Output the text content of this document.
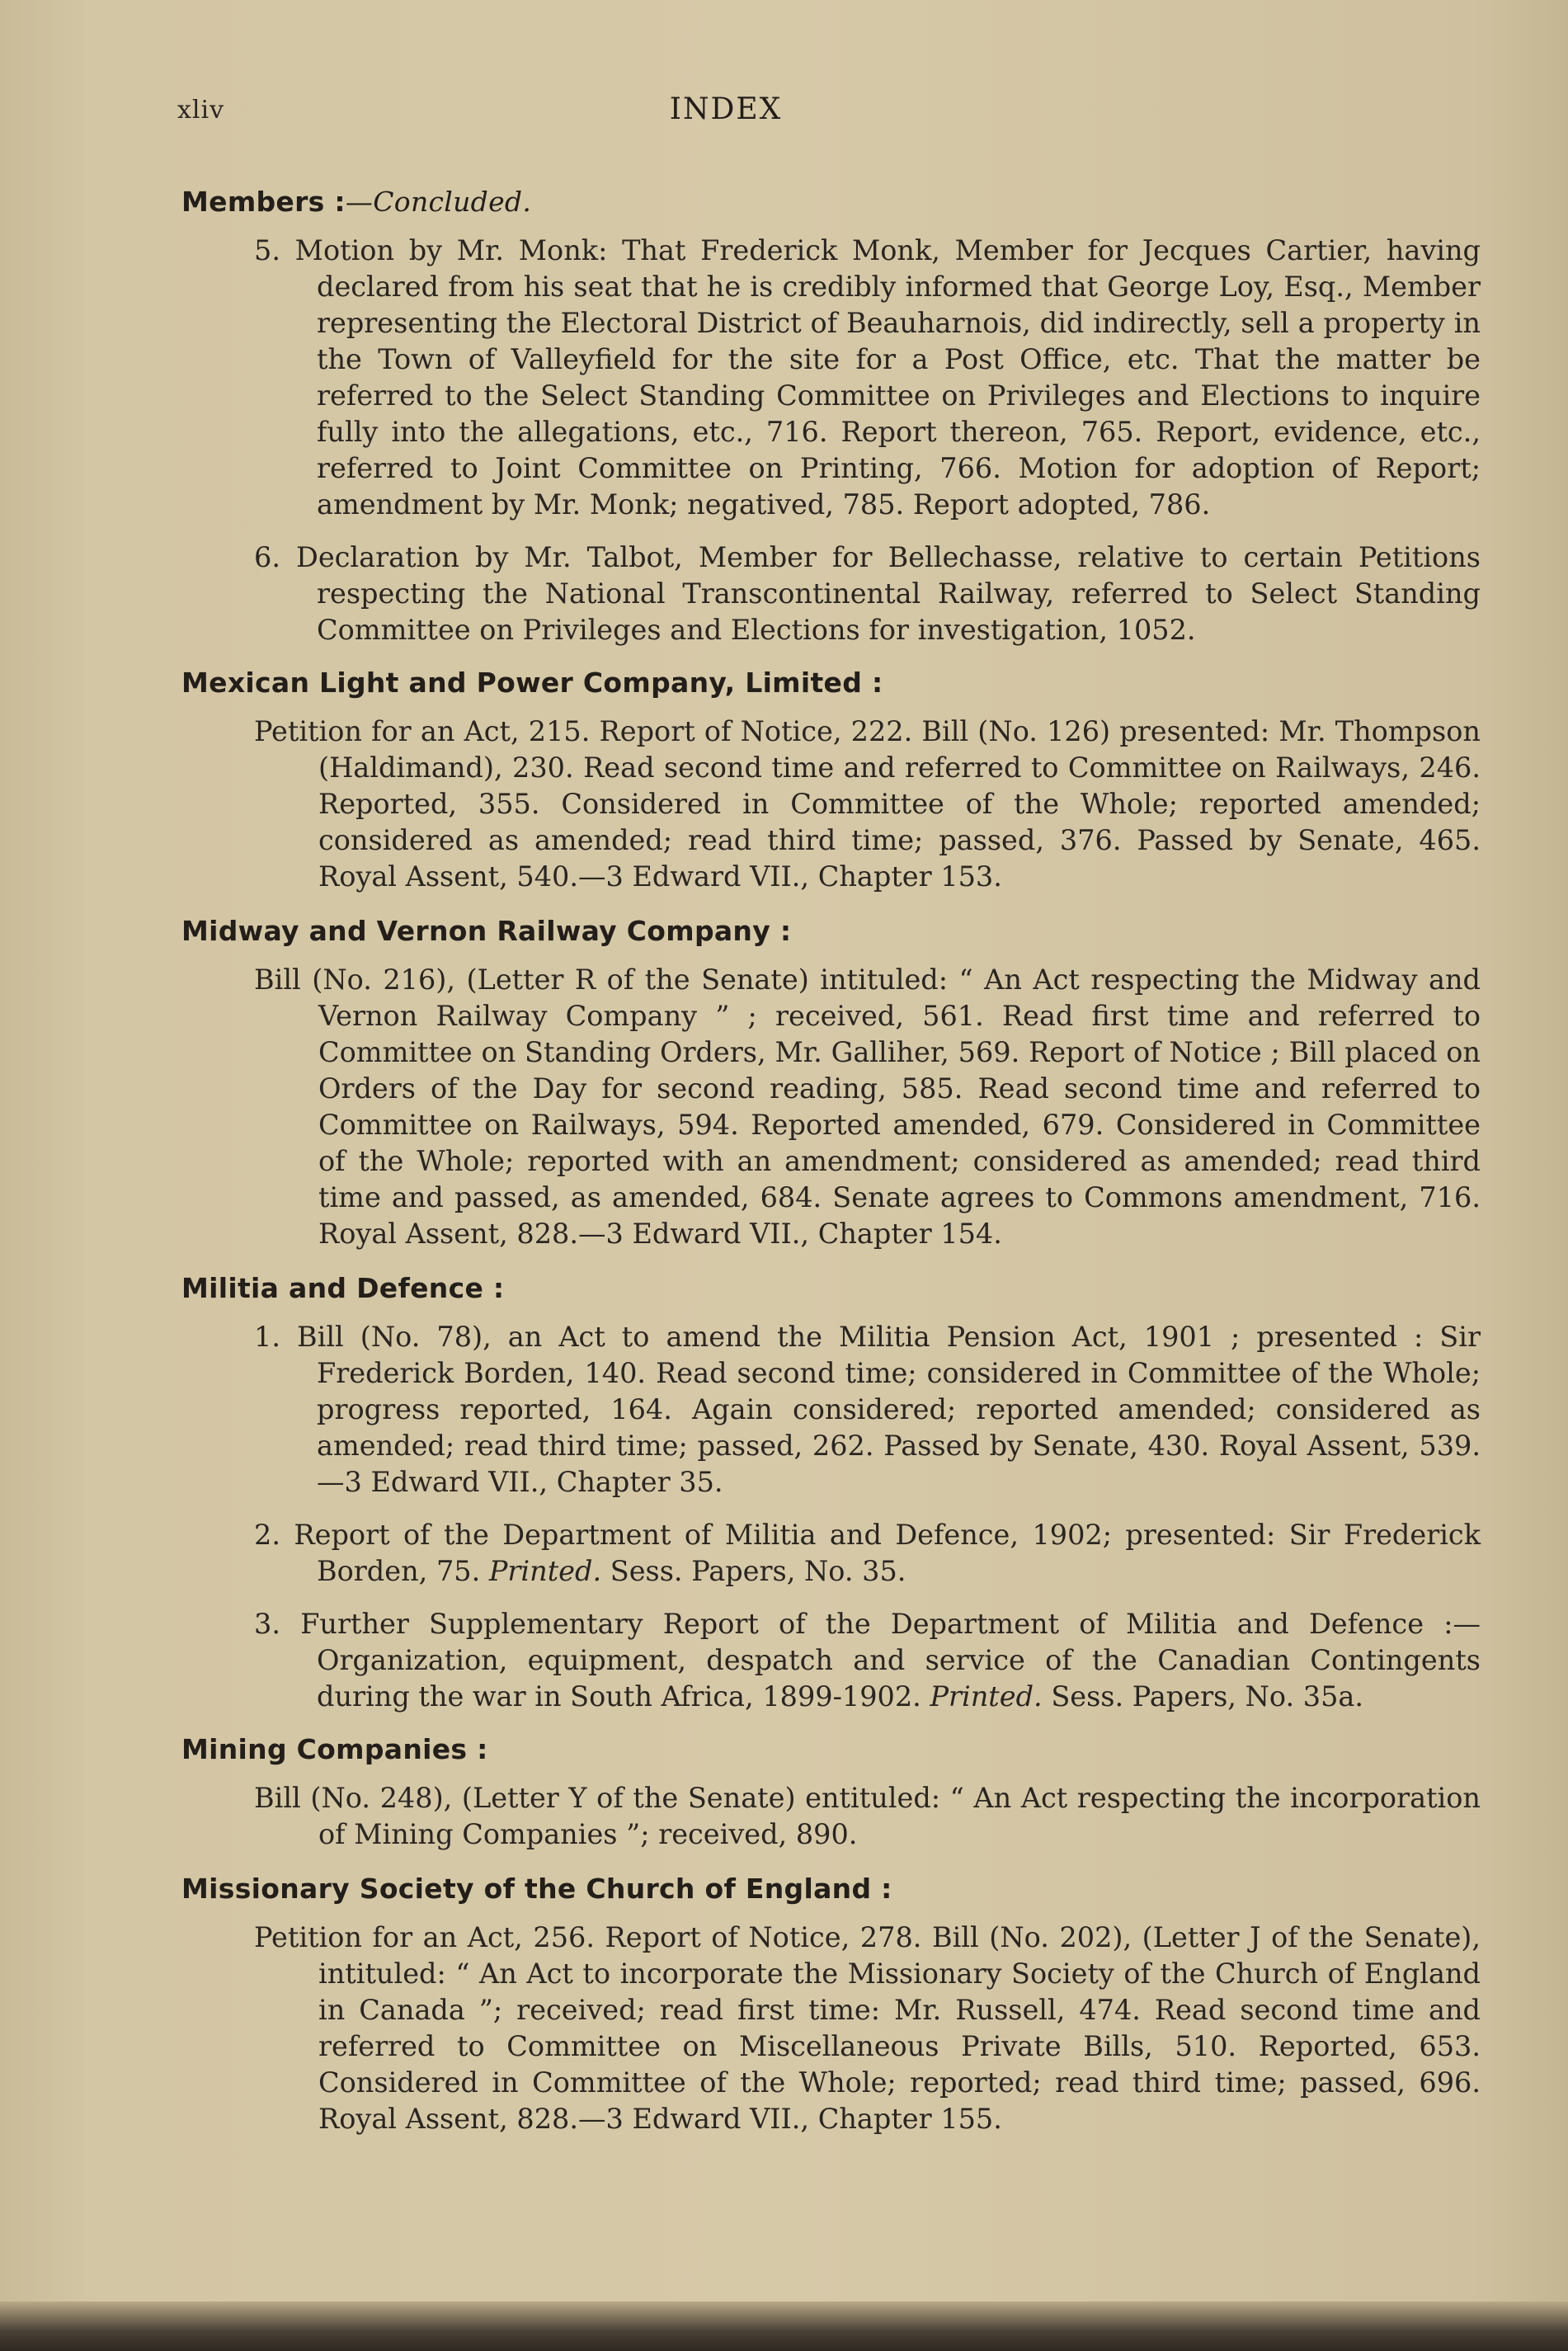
xliv	INDEX
Members :—Concluded.
5. Motion by Mr. Monk: That Frederick Monk, Member for Jecques Cartier, having declared from his seat that he is credibly informed that George Loy, Esq., Member representing the Electoral District of Beauharnois, did indirectly, sell a property in the Town of Valleyfield for the site for a Post Office, etc. That the matter be referred to the Select Standing Committee on Privileges and Elections to inquire fully into the allegations, etc., 716. Report thereon, 765. Report, evidence, etc., referred to Joint Committee on Printing, 766. Motion for adoption of Report; amendment by Mr. Monk; negatived, 785. Report adopted, 786.
6. Declaration by Mr. Talbot, Member for Bellechasse, relative to certain Petitions respecting the National Transcontinental Railway, referred to Select Standing Committee on Privileges and Elections for investigation, 1052.
Mexican Light and Power Company, Limited :
Petition for an Act, 215. Report of Notice, 222. Bill (No. 126) presented: Mr. Thompson (Haldimand), 230. Read second time and referred to Committee on Railways, 246. Reported, 355. Considered in Committee of the Whole; reported amended; considered as amended; read third time; passed, 376. Passed by Senate, 465. Royal Assent, 540.—3 Edward VII., Chapter 153.
Midway and Vernon Railway Company :
Bill (No. 216), (Letter R of the Senate) intituled: “ An Act respecting the Midway and Vernon Railway Company ” ; received, 561. Read first time and referred to Committee on Standing Orders, Mr. Galliher, 569. Report of Notice ; Bill placed on Orders of the Day for second reading, 585. Read second time and referred to Committee on Railways, 594. Reported amended, 679. Considered in Committee of the Whole; reported with an amendment; considered as amended; read third time and passed, as amended, 684. Senate agrees to Commons amendment, 716. Royal Assent, 828.—3 Edward VII., Chapter 154.
Militia and Defence :
1. Bill (No. 78), an Act to amend the Militia Pension Act, 1901 ; presented : Sir Frederick Borden, 140. Read second time; considered in Committee of the Whole; progress reported, 164. Again considered; reported amended; considered as amended; read third time; passed, 262. Passed by Senate, 430. Royal Assent, 539.—3 Edward VII., Chapter 35.
2. Report of the Department of Militia and Defence, 1902; presented: Sir Frederick Borden, 75. Printed. Sess. Papers, No. 35.
3. Further Supplementary Report of the Department of Militia and Defence :—Organization, equipment, despatch and service of the Canadian Contingents during the war in South Africa, 1899-1902. Printed. Sess. Papers, No. 35a.
Mining Companies :
Bill (No. 248), (Letter Y of the Senate) entituled: “ An Act respecting the incorporation of Mining Companies ”; received, 890.
Missionary Society of the Church of England :
Petition for an Act, 256. Report of Notice, 278. Bill (No. 202), (Letter J of the Senate), intituled: “ An Act to incorporate the Missionary Society of the Church of England in Canada ”; received; read first time: Mr. Russell, 474. Read second time and referred to Committee on Miscellaneous Private Bills, 510. Reported, 653. Considered in Committee of the Whole; reported; read third time; passed, 696. Royal Assent, 828.—3 Edward VII., Chapter 155.
